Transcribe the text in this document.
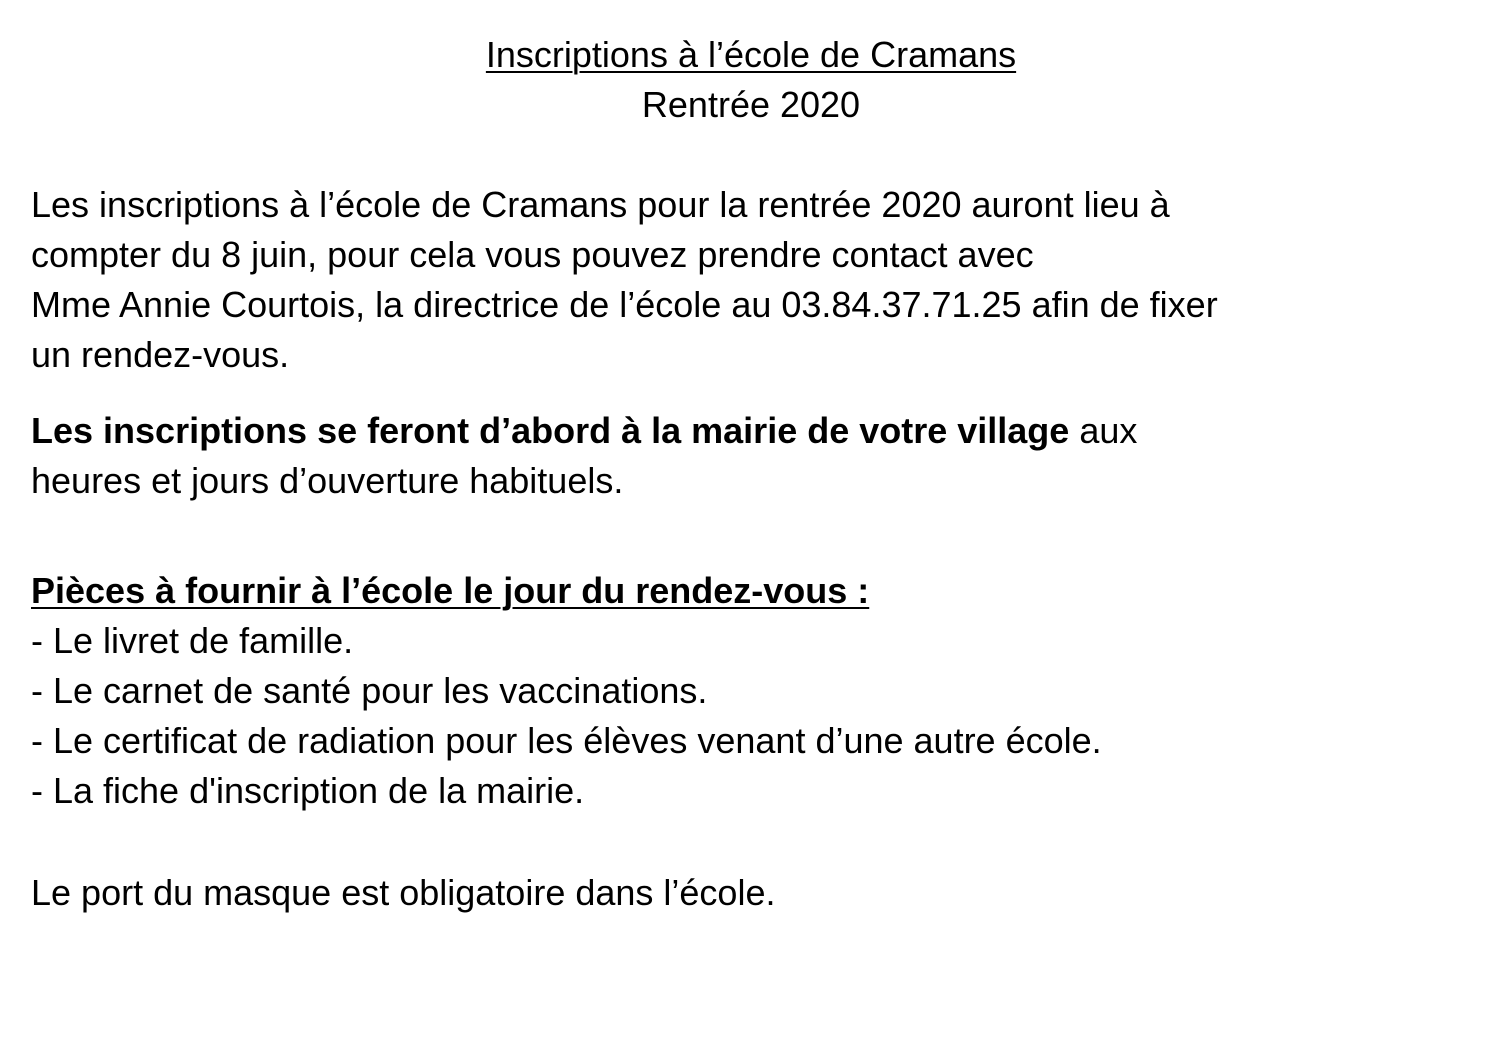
Inscriptions à l’école de Cramans
Rentrée 2020

Les inscriptions à l’école de Cramans pour la rentrée 2020 auront lieu à
compter du 8 juin, pour cela vous pouvez prendre contact avec
Mme Annie Courtois, la directrice de l’école au 03.84.37.71.25 afin de fixer
un rendez-vous.

Les inscriptions se feront d’abord à la mairie de votre village aux
heures et jours d’ouverture habituels.

Pièces à fournir à l’école le jour du rendez-vous :

- Le livret de famille.
- Le carnet de santé pour les vaccinations.
- Le certificat de radiation pour les élèves venant d’une autre école.
- La fiche d'inscription de la mairie.

Le port du masque est obligatoire dans l’école.
